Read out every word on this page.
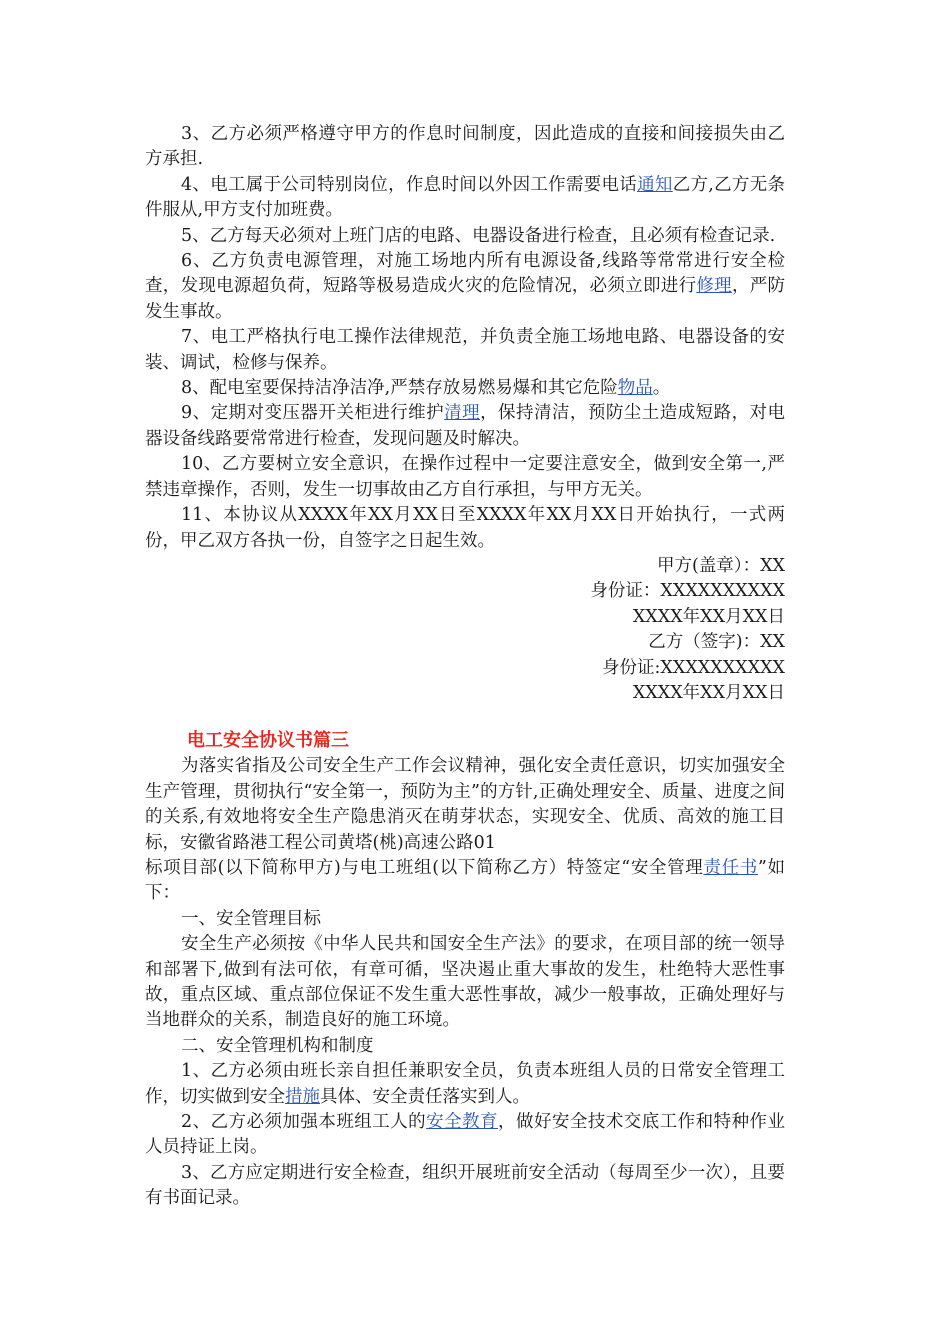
3、乙方必须严格遵守甲方的作息时间制度，因此造成的直接和间接损失由乙方承担.

4、电工属于公司特别岗位，作息时间以外因工作需要电话通知乙方,乙方无条件服从,甲方支付加班费。

5、乙方每天必须对上班门店的电路、电器设备进行检查，且必须有检查记录.

6、乙方负责电源管理，对施工场地内所有电源设备,线路等常常进行安全检查，发现电源超负荷，短路等极易造成火灾的危险情况，必须立即进行修理，严防发生事故。

7、电工严格执行电工操作法律规范，并负责全施工场地电路、电器设备的安装、调试，检修与保养。

8、配电室要保持洁净洁净,严禁存放易燃易爆和其它危险物品。

9、定期对变压器开关柜进行维护清理，保持清洁，预防尘土造成短路，对电器设备线路要常常进行检查，发现问题及时解决。

10、乙方要树立安全意识，在操作过程中一定要注意安全，做到安全第一,严禁违章操作，否则，发生一切事故由乙方自行承担，与甲方无关。

11、本协议从XXXX年XX月XX日至XXXX年XX月XX日开始执行，一式两份，甲乙双方各执一份，自签字之日起生效。

甲方(盖章）：XX

身份证：XXXXXXXXXX

XXXX年XX月XX日

乙方（签字)：XX

身份证:XXXXXXXXXX

XXXX年XX月XX日

电工安全协议书篇三

为落实省指及公司安全生产工作会议精神，强化安全责任意识，切实加强安全生产管理，贯彻执行“安全第一，预防为主”的方针,正确处理安全、质量、进度之间的关系,有效地将安全生产隐患消灭在萌芽状态，实现安全、优质、高效的施工目标，安徽省路港工程公司黄塔(桃)高速公路01

标项目部(以下简称甲方)与电工班组(以下简称乙方）特签定“安全管理责任书”如下：

一、安全管理目标

安全生产必须按《中华人民共和国安全生产法》的要求，在项目部的统一领导和部署下,做到有法可依，有章可循，坚决遏止重大事故的发生，杜绝特大恶性事故，重点区域、重点部位保证不发生重大恶性事故，减少一般事故，正确处理好与当地群众的关系，制造良好的施工环境。

二、安全管理机构和制度

1、乙方必须由班长亲自担任兼职安全员，负责本班组人员的日常安全管理工作，切实做到安全措施具体、安全责任落实到人。

2、乙方必须加强本班组工人的安全教育，做好安全技术交底工作和特种作业人员持证上岗。

3、乙方应定期进行安全检查，组织开展班前安全活动（每周至少一次），且要有书面记录。
